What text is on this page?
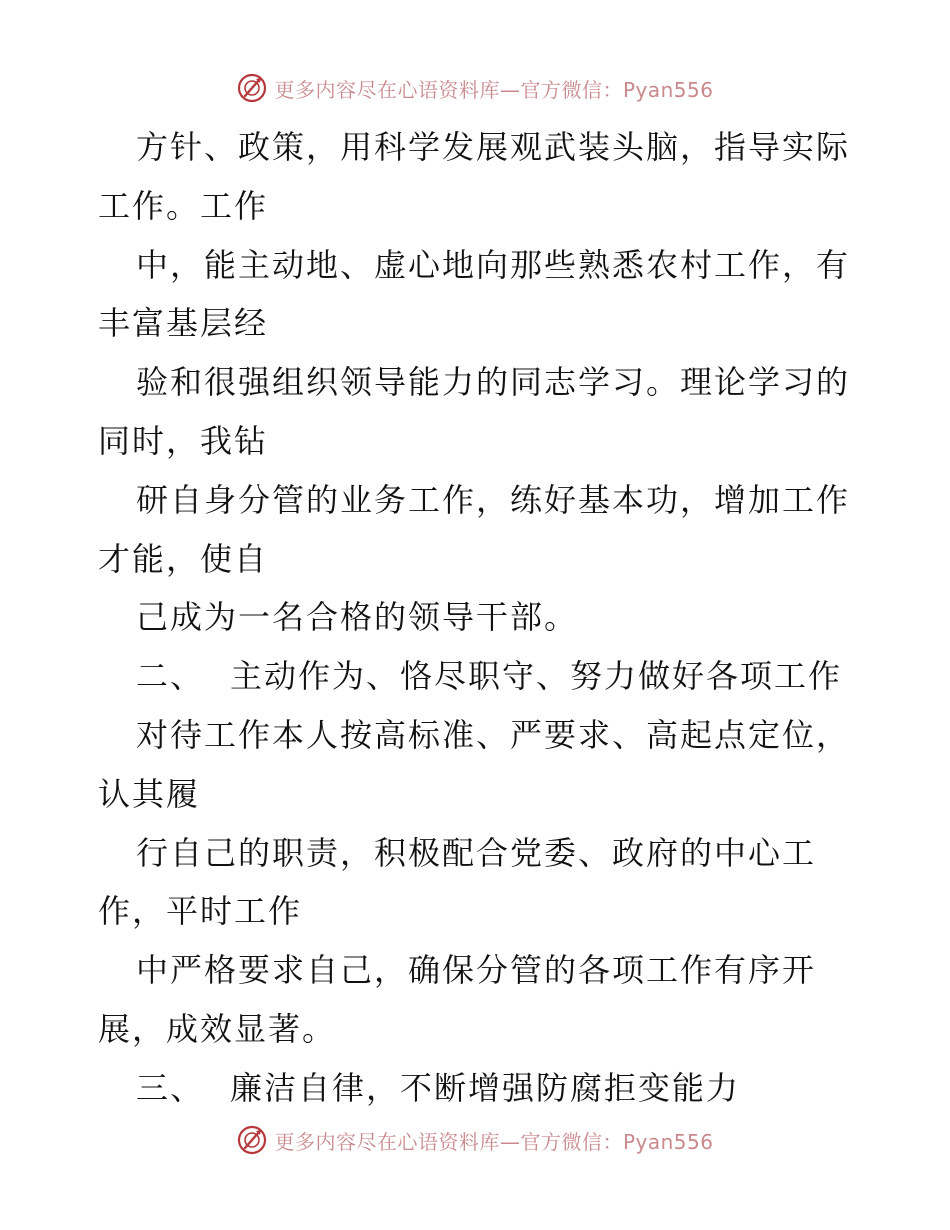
更多内容尽在心语资料库—官方微信：Pyan556
方针、政策，用科学发展观武装头脑，指导实际
工作。工作
中，能主动地、虚心地向那些熟悉农村工作，有
丰富基层经
验和很强组织领导能力的同志学习。理论学习的
同时，我钻
研自身分管的业务工作，练好基本功，增加工作
才能，使自
己成为一名合格的领导干部。
二、 主动作为、恪尽职守、努力做好各项工作
对待工作本人按高标准、严要求、高起点定位，
认其履
行自己的职责，积极配合党委、政府的中心工
作，平时工作
中严格要求自己，确保分管的各项工作有序开
展，成效显著。
三、 廉洁自律，不断增强防腐拒变能力
更多内容尽在心语资料库—官方微信：Pyan556
